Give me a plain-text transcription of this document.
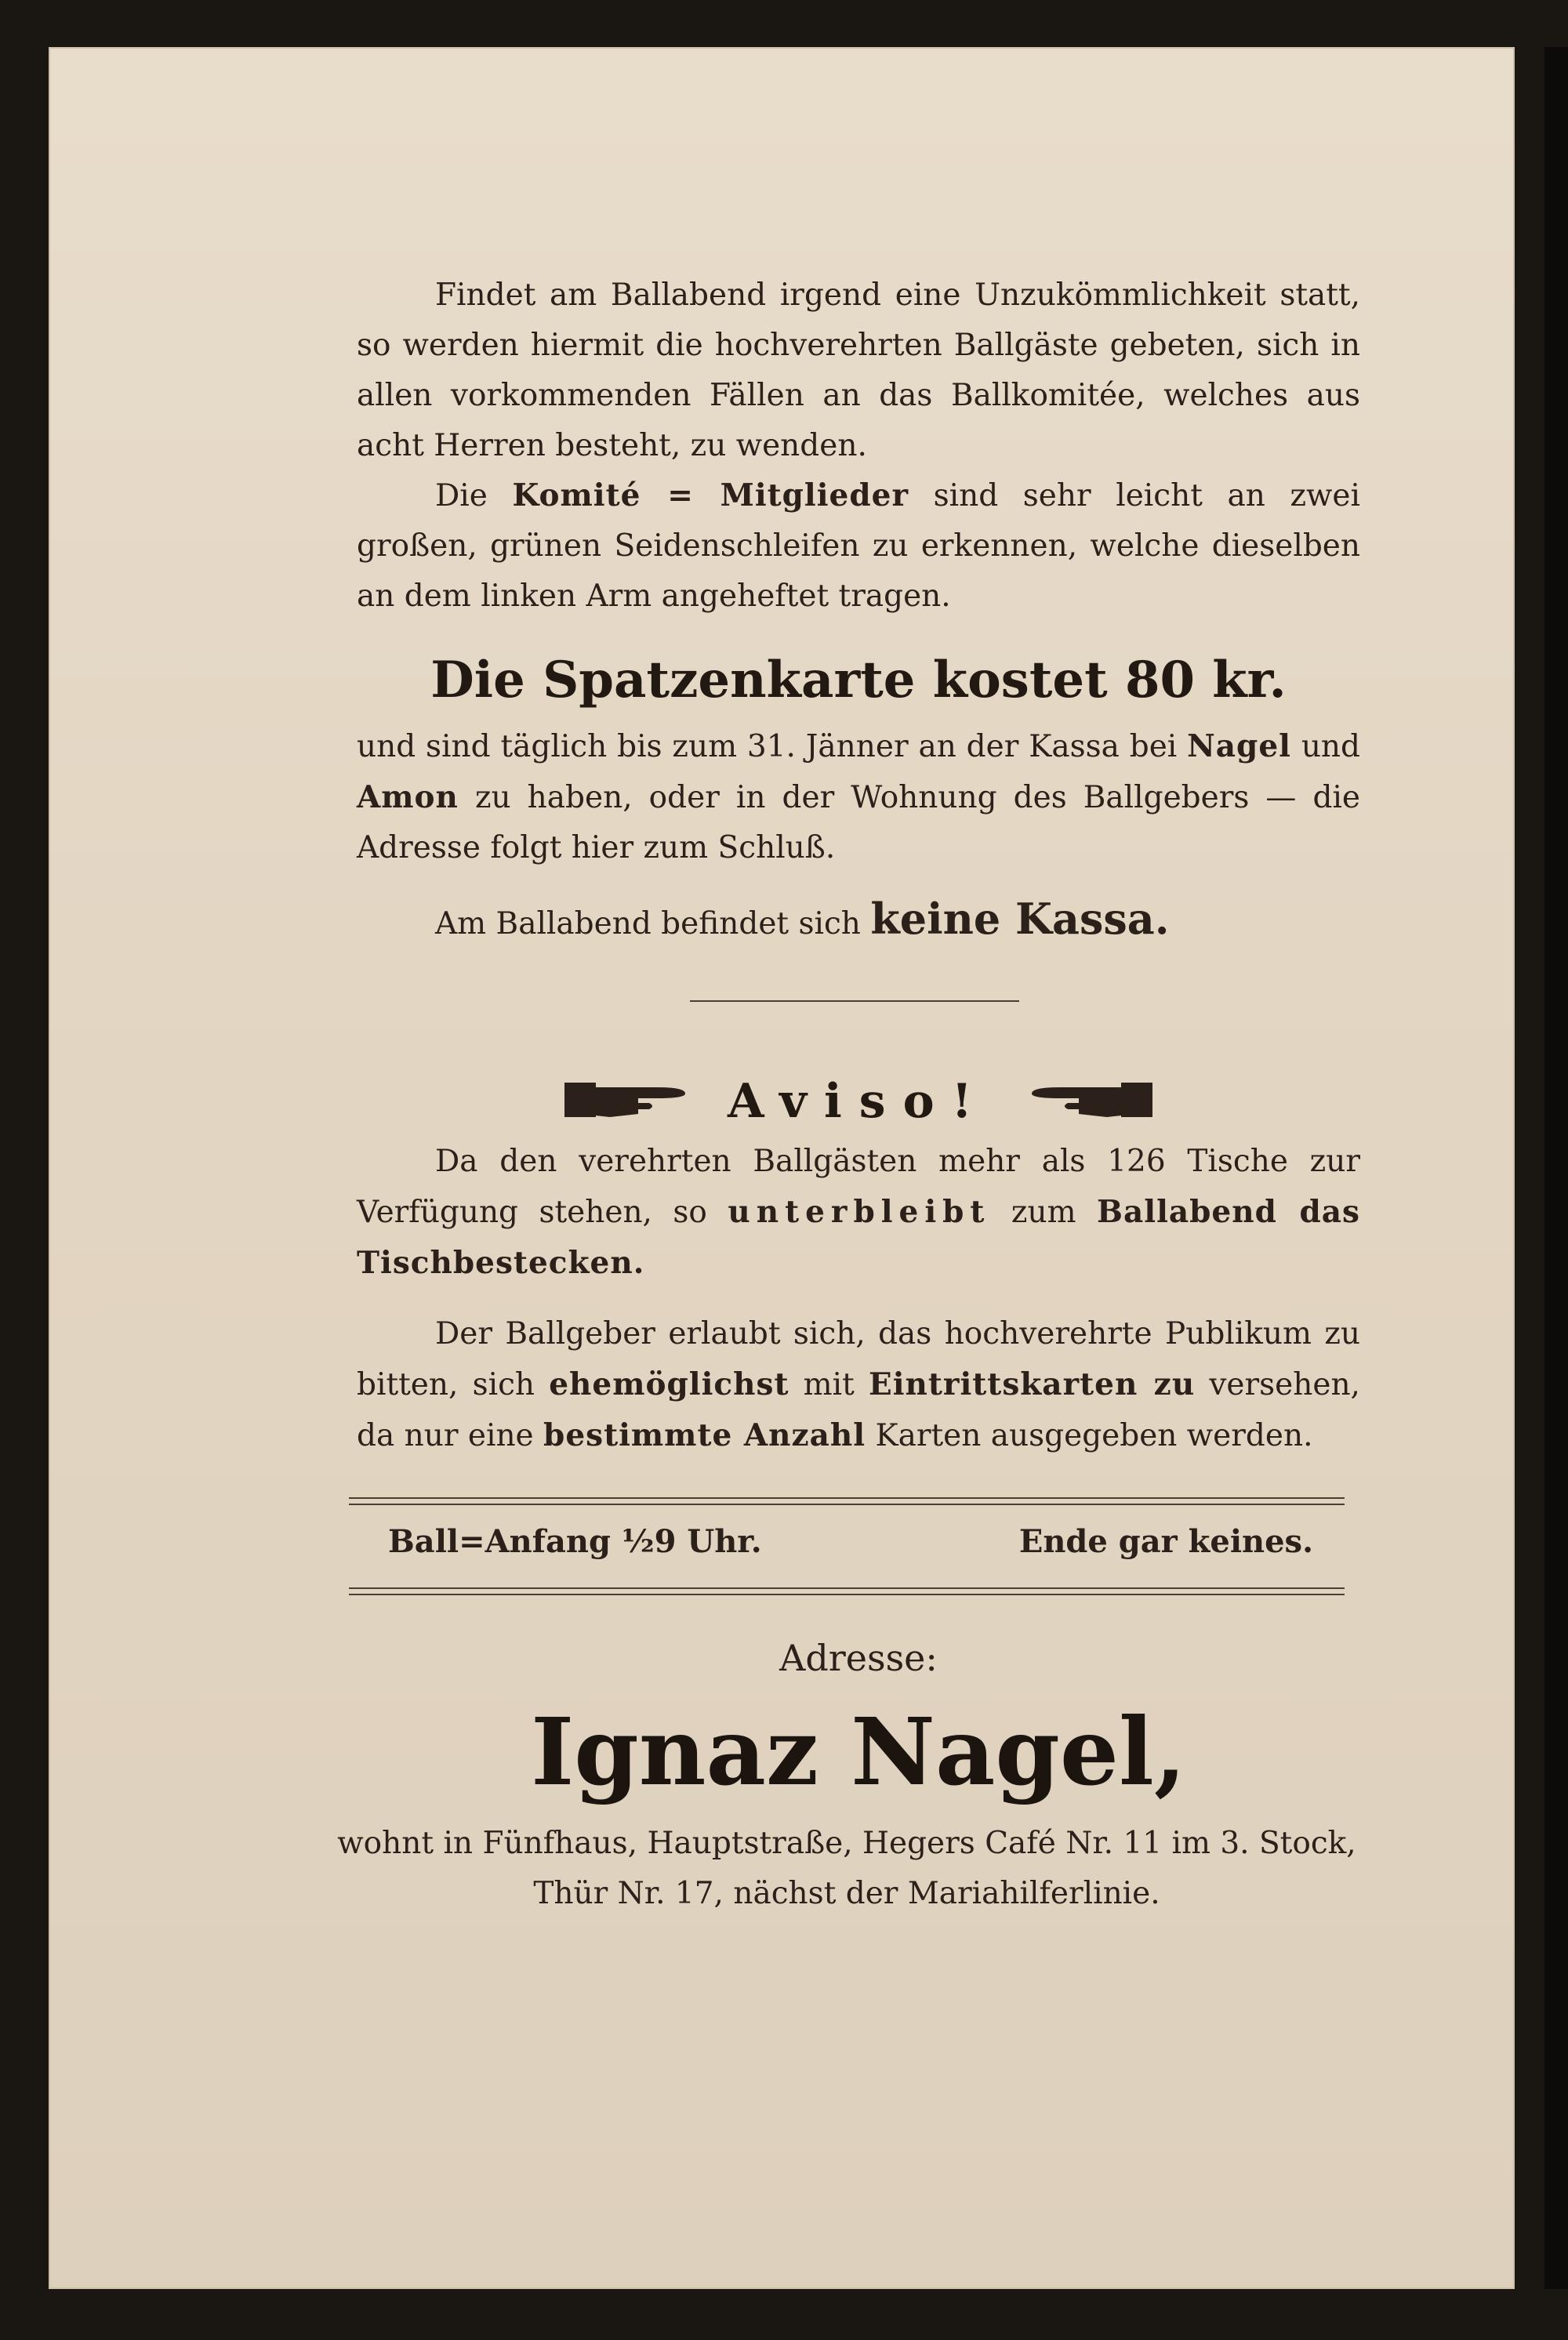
Findet am Ballabend irgend eine Unzukömmlichkeit statt, so werden hiermit die hochverehrten Ballgäste gebeten, sich in allen vorkommenden Fällen an das Ballkomitée, welches aus acht Herren besteht, zu wenden.

Die Komité = Mitglieder sind sehr leicht an zwei großen, grünen Seidenschleifen zu erkennen, welche dieselben an dem linken Arm angeheftet tragen.

Die Spatzenkarte kostet 80 kr.

und sind täglich bis zum 31. Jänner an der Kassa bei Nagel und Amon zu haben, oder in der Wohnung des Ballgebers — die Adresse folgt hier zum Schluß.

Am Ballabend befindet sich keine Kassa.

Aviso!

Da den verehrten Ballgästen mehr als 126 Tische zur Verfügung stehen, so unterbleibt zum Ballabend das Tischbestecken.

Der Ballgeber erlaubt sich, das hochverehrte Publikum zu bitten, sich ehemöglichst mit Eintrittskarten zu versehen, da nur eine bestimmte Anzahl Karten ausgegeben werden.

Ball=Anfang ½9 Uhr.	Ende gar keines.
Adresse:
Ignaz Nagel,
wohnt in Fünfhaus, Hauptstraße, Hegers Café Nr. 11 im 3. Stock, Thür Nr. 17, nächst der Mariahilferlinie.
